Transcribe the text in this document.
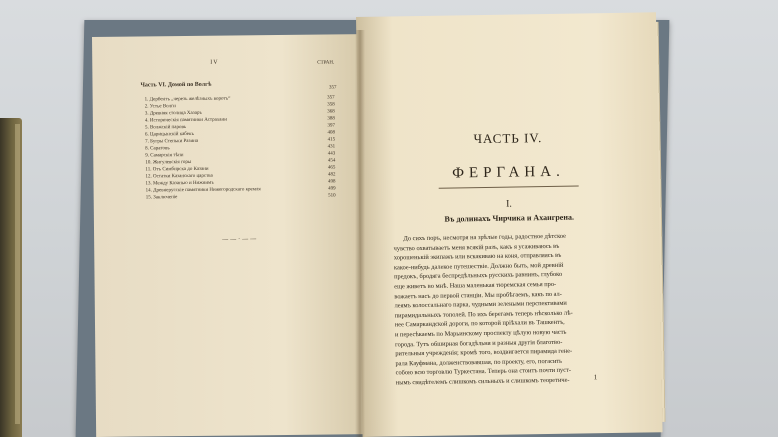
IV	СТРАН.
Часть VI. Домой по Волгѣ	357
1. Дербентъ „черезъ желѣзныхъ воротъ“	357
2. Устье Волги	358
3. Древняя столица Хазаръ	368
4. Историческія памятники Астрахани	388
5. Волжскій паровъ	397
6. Царицынскій кабекъ	408
7. Бугры Стеньки Разина	415
8. Саратовъ	431
9. Самарскія тѣни	443
10. Жигулевскія горы	454
11. Отъ Симбирска до Казани	465
12. Остатки Казанскаго царства	482
13. Между Казанью и Нижнимъ	498
14. Древнерусскіе памятники Нижегородскаго кремля	499
15. Заключеніе	510
——·——
ЧАСТЬ IV.
ФЕРГАНА.
I.
Въ долинахъ Чирчика и Ахангрена.
До сихъ поръ, несмотря на зрѣлые годы, радостное дѣтское
чувство охватываетъ меня всякій разъ, какъ я усаживаюсь въ
хорошенькій экипажъ или вскакиваю на коня, отправляясь въ
какое-нибудь далекое путешествіе. Должно быть, мой древній
предокъ, бродяга беспредѣльныхъ русскихъ равнинъ, глубоко
еще живетъ во мнѣ. Наша маленькая тюремская семья про-
вожаетъ насъ до первой станціи. Мы пробѣгаемъ, какъ по ал-
леямъ колоссальнаго парка, чудными зелеными перспективами
пирамидальныхъ тополей. По ихъ берегамъ теперь нѣсколько лѣ-
нее Самаркандской дороги, по которой пріѣхали въ Ташкентъ,
и пересѣкаемъ по Марьинскому проспекту цѣлую новую часть
города. Тутъ обширная богадѣльня и разныя другія благотво-
рительныя учрежденія; кромѣ того, воздвигается пирамида гене-
рала Кауфмана, долженствовавшая, по проекту, его, погасить
собою всю торговлю Туркестана. Теперь она стоитъ почти пуст-
нымъ свидѣтелемъ слишкомъ сильныхъ и слишкомъ теоретиче-	1
